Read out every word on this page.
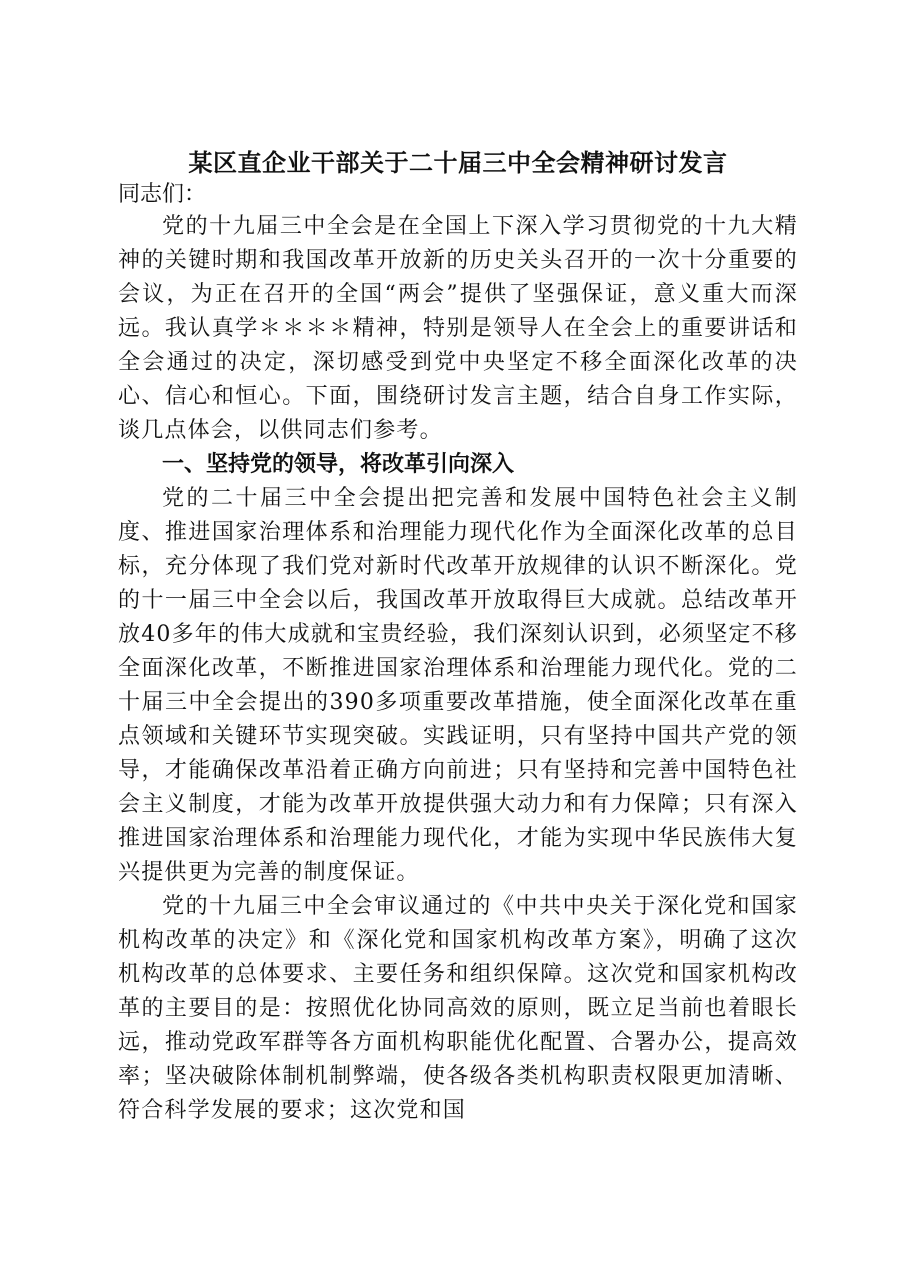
某区直企业干部关于二十届三中全会精神研讨发言

同志们：

党的十九届三中全会是在全国上下深入学习贯彻党的十九大精神的关键时期和我国改革开放新的历史关头召开的一次十分重要的会议，为正在召开的全国“两会”提供了坚强保证，意义重大而深远。我认真学＊＊＊＊精神，特别是领导人在全会上的重要讲话和全会通过的决定，深切感受到党中央坚定不移全面深化改革的决心、信心和恒心。下面，围绕研讨发言主题，结合自身工作实际，谈几点体会，以供同志们参考。

一、坚持党的领导，将改革引向深入

党的二十届三中全会提出把完善和发展中国特色社会主义制度、推进国家治理体系和治理能力现代化作为全面深化改革的总目标，充分体现了我们党对新时代改革开放规律的认识不断深化。党的十一届三中全会以后，我国改革开放取得巨大成就。总结改革开放40多年的伟大成就和宝贵经验，我们深刻认识到，必须坚定不移全面深化改革，不断推进国家治理体系和治理能力现代化。党的二十届三中全会提出的390多项重要改革措施，使全面深化改革在重点领域和关键环节实现突破。实践证明，只有坚持中国共产党的领导，才能确保改革沿着正确方向前进；只有坚持和完善中国特色社会主义制度，才能为改革开放提供强大动力和有力保障；只有深入推进国家治理体系和治理能力现代化，才能为实现中华民族伟大复兴提供更为完善的制度保证。

党的十九届三中全会审议通过的《中共中央关于深化党和国家机构改革的决定》和《深化党和国家机构改革方案》，明确了这次机构改革的总体要求、主要任务和组织保障。这次党和国家机构改革的主要目的是：按照优化协同高效的原则，既立足当前也着眼长远，推动党政军群等各方面机构职能优化配置、合署办公，提高效率；坚决破除体制机制弊端，使各级各类机构职责权限更加清晰、符合科学发展的要求；这次党和国
